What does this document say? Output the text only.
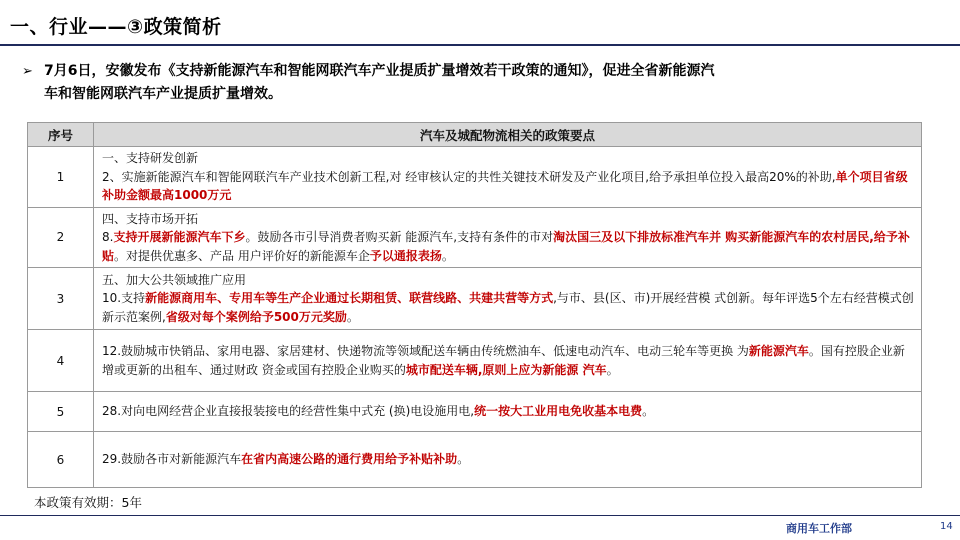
一、行业——③政策简析
➢ 7月6日，安徽发布《支持新能源汽车和智能网联汽车产业提质扩量增效若干政策的通知》，促进全省新能源汽
车和智能网联汽车产业提质扩量增效。
序号	汽车及城配物流相关的政策要点
1	一、支持研发创新
2、实施新能源汽车和智能网联汽车产业技术创新工程,对 经审核认定的共性关键技术研发及产业化项目,给予承担单位投入最高20%的补助,单个项目省级补助金额最高1000万元
2	四、支持市场开拓
8.支持开展新能源汽车下乡。鼓励各市引导消费者购买新 能源汽车,支持有条件的市对淘汰国三及以下排放标准汽车并 购买新能源汽车的农村居民,给予补贴。对提供优惠多、产品 用户评价好的新能源车企予以通报表扬。
3	五、加大公共领域推广应用
10.支持新能源商用车、专用车等生产企业通过长期租赁、联营线路、共建共营等方式,与市、县(区、市)开展经营模 式创新。每年评选5个左右经营模式创新示范案例,省级对每个案例给予500万元奖励。
4	12.鼓励城市快销品、家用电器、家居建材、快递物流等领域配送车辆由传统燃油车、低速电动汽车、电动三轮车等更换 为新能源汽车。国有控股企业新增或更新的出租车、通过财政 资金或国有控股企业购买的城市配送车辆,原则上应为新能源 汽车。
5	28.对向电网经营企业直接报装接电的经营性集中式充 (换)电设施用电,统一按大工业用电免收基本电费。
6	29.鼓励各市对新能源汽车在省内高速公路的通行费用给予补贴补助。
本政策有效期：5年
商用车工作部	14
